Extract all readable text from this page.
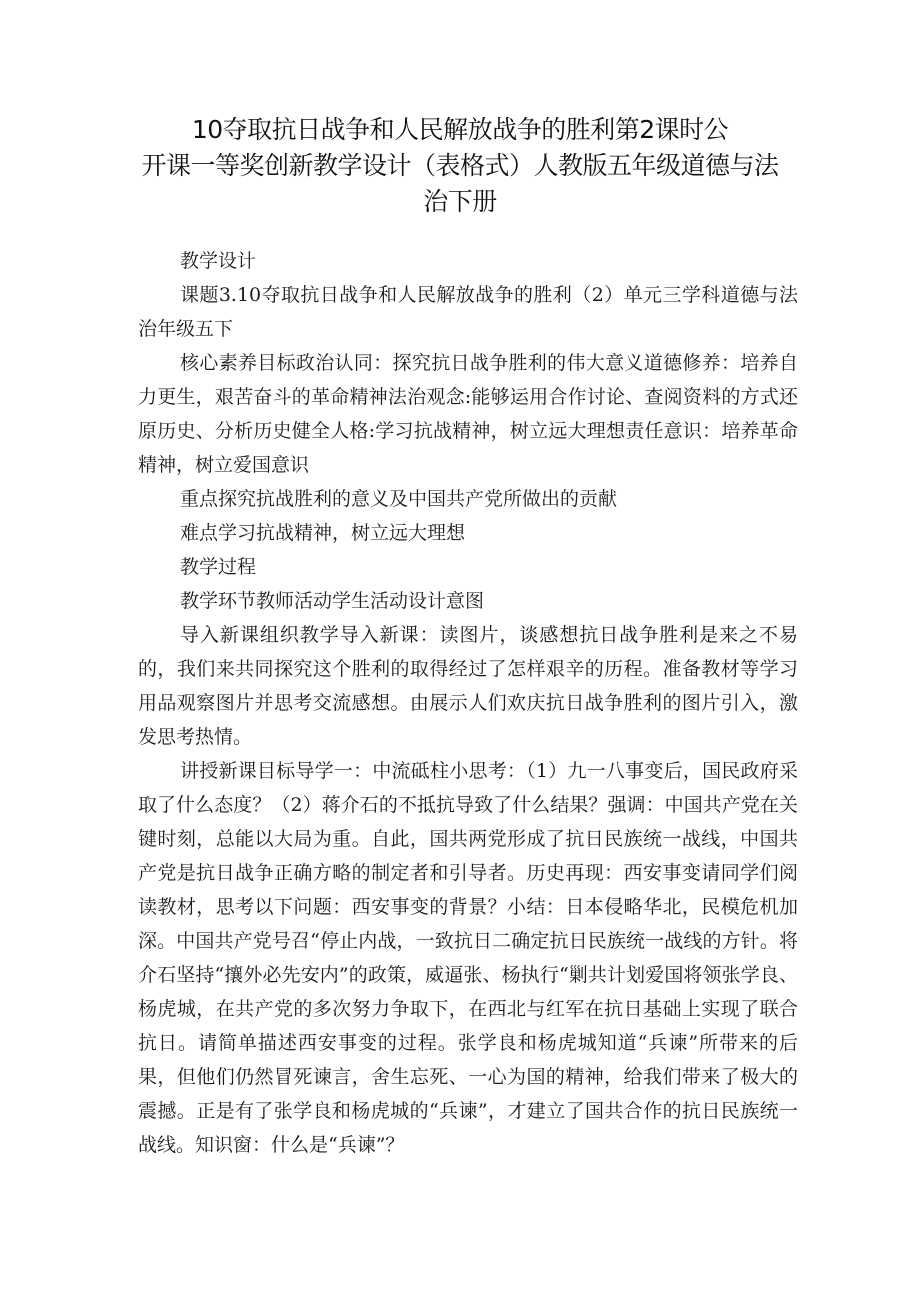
10夺取抗日战争和人民解放战争的胜利第2课时公
开课一等奖创新教学设计（表格式）人教版五年级道德与法
治下册

教学设计

课题3.10夺取抗日战争和人民解放战争的胜利（2）单元三学科道德与法治年级五下

核心素养目标政治认同：探究抗日战争胜利的伟大意义道德修养：培养自力更生，艰苦奋斗的革命精神法治观念:能够运用合作讨论、查阅资料的方式还原历史、分析历史健全人格:学习抗战精神，树立远大理想责任意识：培养革命精神，树立爱国意识

重点探究抗战胜利的意义及中国共产党所做出的贡献

难点学习抗战精神，树立远大理想

教学过程

教学环节教师活动学生活动设计意图

导入新课组织教学导入新课：读图片，谈感想抗日战争胜利是来之不易的，我们来共同探究这个胜利的取得经过了怎样艰辛的历程。准备教材等学习用品观察图片并思考交流感想。由展示人们欢庆抗日战争胜利的图片引入，激发思考热情。

讲授新课目标导学一：中流砥柱小思考：（1）九一八事变后，国民政府采取了什么态度？（2）蒋介石的不抵抗导致了什么结果？强调：中国共产党在关键时刻，总能以大局为重。自此，国共两党形成了抗日民族统一战线，中国共产党是抗日战争正确方略的制定者和引导者。历史再现：西安事变请同学们阅读教材，思考以下问题：西安事变的背景？小结：日本侵略华北，民模危机加深。中国共产党号召“停止内战，一致抗日二确定抗日民族统一战线的方针。将介石坚持“攘外必先安内”的政策，威逼张、杨执行“剿共计划爱国将领张学良、杨虎城，在共产党的多次努力争取下，在西北与红军在抗日基础上实现了联合抗日。请简单描述西安事变的过程。张学良和杨虎城知道“兵谏”所带来的后果，但他们仍然冒死谏言，舍生忘死、一心为国的精神，给我们带来了极大的震撼。正是有了张学良和杨虎城的“兵谏”，才建立了国共合作的抗日民族统一战线。知识窗：什么是“兵谏”？
